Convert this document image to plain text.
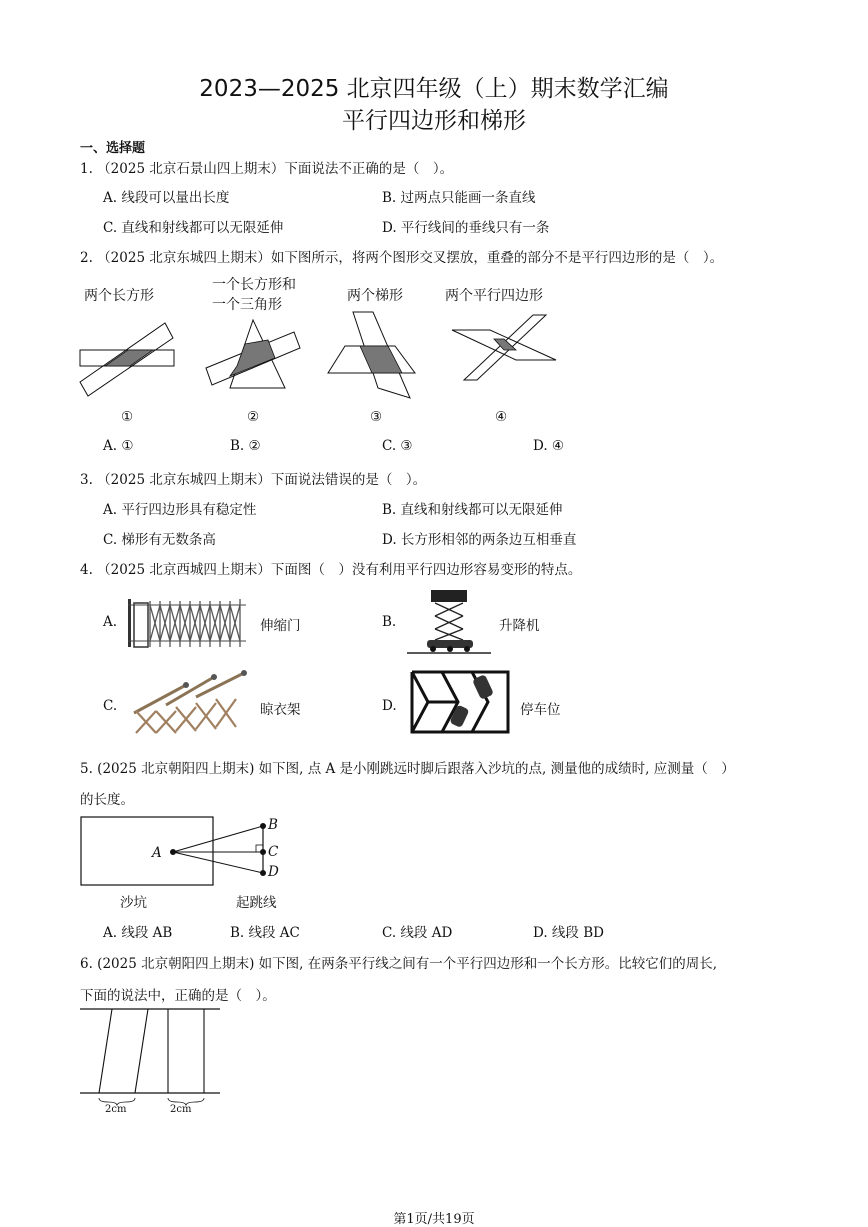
2023—2025 北京四年级（上）期末数学汇编
平行四边形和梯形
一、选择题
1. （2025 北京石景山四上期末）下面说法不正确的是（　）。
A. 线段可以量出长度	B. 过两点只能画一条直线
C. 直线和射线都可以无限延伸	D. 平行线间的垂线只有一条
2. （2025 北京东城四上期末）如下图所示，将两个图形交叉摆放，重叠的部分不是平行四边形的是（　）。
两个长方形
一个长方形和
一个三角形
两个梯形	两个平行四边形
①	②	③	④
A. ①	B. ②	C. ③	D. ④
3. （2025 北京东城四上期末）下面说法错误的是（　）。
A. 平行四边形具有稳定性	B. 直线和射线都可以无限延伸
C. 梯形有无数条高	D. 长方形相邻的两条边互相垂直
4. （2025 北京西城四上期末）下面图（　）没有利用平行四边形容易变形的特点。
A.	伸缩门	B.	升降机
C.	晾衣架	D.	停车位
5. (2025 北京朝阳四上期末) 如下图, 点 A 是小刚跳远时脚后跟落入沙坑的点, 测量他的成绩时, 应测量（　）
的长度。
A
B
C
D
沙坑	起跳线
A. 线段 AB	B. 线段 AC	C. 线段 AD	D. 线段 BD
6. (2025 北京朝阳四上期末) 如下图, 在两条平行线之间有一个平行四边形和一个长方形。比较它们的周长,
下面的说法中，正确的是（　）。
2cm	2cm
第1页/共19页
